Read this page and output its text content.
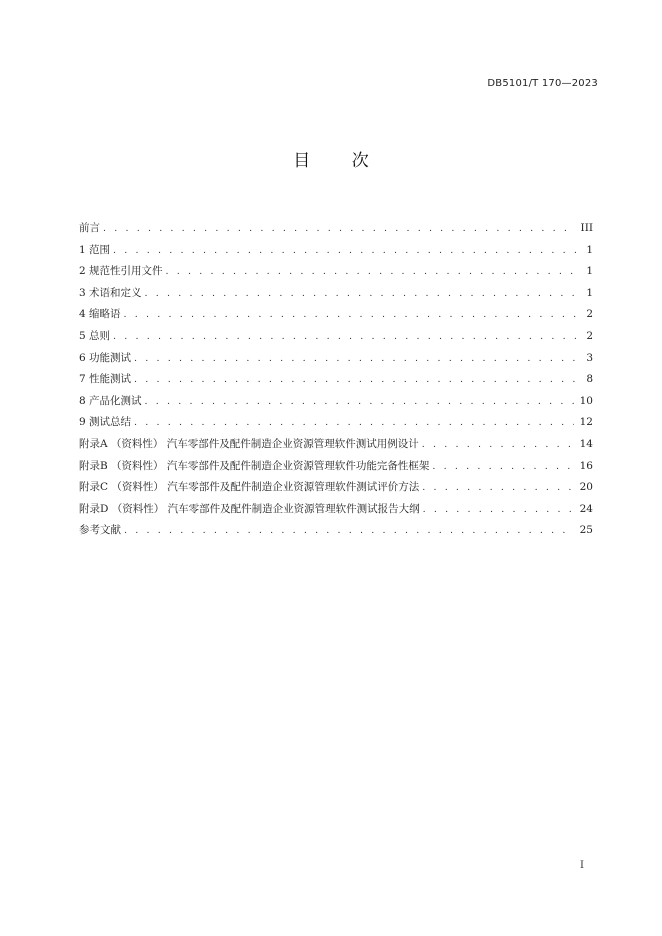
DB5101/T 170—2023
目 次
前言 . . .	III
1 范围 . . .	1
2 规范性引用文件 . . .	1
3 术语和定义 . . .	1
4 缩略语 . . .	2
5 总则 . . .	2
6 功能测试 . . .	3
7 性能测试 . . .	8
8 产品化测试 . . .	10
9 测试总结 . . .	12
附录A （资料性） 汽车零部件及配件制造企业资源管理软件测试用例设计 . . .	14
附录B （资料性） 汽车零部件及配件制造企业资源管理软件功能完备性框架 . . .	16
附录C （资料性） 汽车零部件及配件制造企业资源管理软件测试评价方法 . . .	20
附录D （资料性） 汽车零部件及配件制造企业资源管理软件测试报告大纲 . . .	24
参考文献 . . .	25
I
